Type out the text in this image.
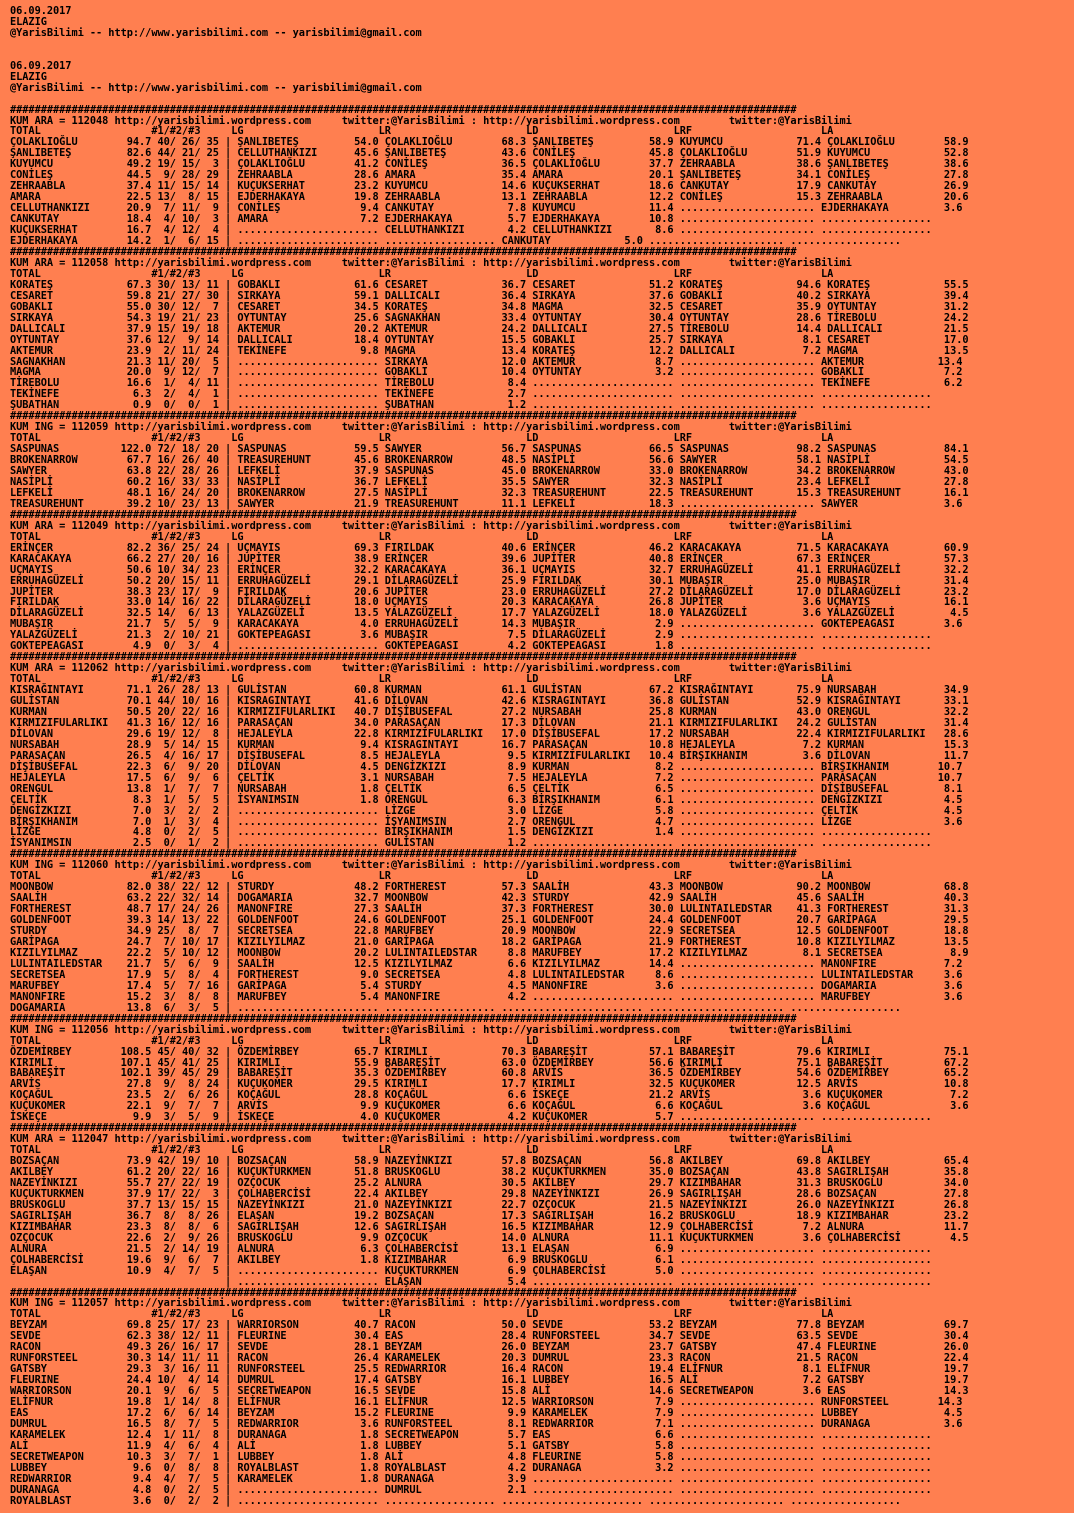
06.09.2017
ELAZIG
@YarisBilimi -- http://www.yarisbilimi.com -- yarisbilimi@gmail.com

06.09.2017
ELAZIG
@YarisBilimi -- http://www.yarisbilimi.com -- yarisbilimi@gmail.com

################################################################################################################################
KUM ARA = 112048 http://yarisbilimi.wordpress.com     twitter:@YarisBilimi : http://yarisbilimi.wordpress.com        twitter:@YarisBilimi
TOTAL                  #1/#2/#3     LG                      LR                      LD                      LRF                     LA
ÇOLAKLIOĞLU        94.7 40/ 26/ 35 | ŞANLIBETEŞ         54.0 ÇOLAKLIOĞLU        68.3 ŞANLIBETEŞ         58.9 KUYUMCU            71.4 ÇOLAKLIOĞLU        58.9
ŞANLIBETEŞ         82.6 44/ 21/ 25 | CELLUTHANKIZI      45.6 ŞANLIBETEŞ         43.6 CONİLEŞ            45.8 ÇOLAKLIOĞLU        51.9 KUYUMCU            52.8
KUYUMCU            49.2 19/ 15/  3 | ÇOLAKLIOĞLU        41.2 CONİLEŞ            36.5 ÇOLAKLIOĞLU        37.7 ZEHRAABLA          38.6 ŞANLIBETEŞ         38.6
CONİLEŞ            44.5  9/ 28/ 29 | ZEHRAABLA          28.6 AMARA              35.4 AMARA              20.1 ŞANLIBETEŞ         34.1 CONİLEŞ            27.8
ZEHRAABLA          37.4 11/ 15/ 14 | KUÇUKSERHAT        23.2 KUYUMCU            14.6 KUÇUKSERHAT        18.6 CANKUTAY           17.9 CANKUTAY           26.9
AMARA              22.5 13/  8/ 15 | EJDERHAKAYA        19.8 ZEHRAABLA          13.1 ZEHRAABLA          12.2 CONİLEŞ            15.3 ZEHRAABLA          20.6
CELLUTHANKIZI      20.9  7/ 11/  9 | CONİLEŞ             9.4 CANKUTAY            7.8 KUYUMCU            11.4 ...................... EJDERHAKAYA         3.6
CANKUTAY           18.4  4/ 10/  3 | AMARA               7.2 EJDERHAKAYA         5.7 EJDERHAKAYA        10.8 ...................... ..................
KUÇUKSERHAT        16.7  4/ 12/  4 | ....................... CELLUTHANKIZI       4.2 CELLUTHANKIZI       8.6 ...................... ..................
EJDERHAKAYA        14.2  1/  6/ 15 | ....................... .................. CANKUTAY            5.0 ...................... ..................
################################################################################################################################
KUM ARA = 112058 http://yarisbilimi.wordpress.com     twitter:@YarisBilimi : http://yarisbilimi.wordpress.com        twitter:@YarisBilimi
TOTAL                  #1/#2/#3     LG                      LR                      LD                      LRF                     LA
KORATEŞ            67.3 30/ 13/ 11 | GOBAKLI            61.6 CESARET            36.7 CESARET            51.2 KORATEŞ            94.6 KORATEŞ            55.5
CESARET            59.8 21/ 27/ 30 | SIRKAYA            59.1 DALLICALI          36.4 SIRKAYA            37.6 GOBAKLI            40.2 SIRKAYA            39.4
GOBAKLI            55.0 30/ 12/  7 | CESARET            34.5 KORATEŞ            34.8 MAGMA              32.5 CESARET            35.9 OYTUNTAY           31.2
SIRKAYA            54.3 19/ 21/ 23 | OYTUNTAY           25.6 SAGNAKHAN          33.4 OYTUNTAY           30.4 OYTUNTAY           28.6 TİREBOLU           24.2
DALLICALI          37.9 15/ 19/ 18 | AKTEMUR            20.2 AKTEMUR            24.2 DALLICALI          27.5 TİREBOLU           14.4 DALLICALI          21.5
OYTUNTAY           37.6 12/  9/ 14 | DALLICALI          18.4 OYTUNTAY           15.5 GOBAKLI            25.7 SIRKAYA             8.1 CESARET            17.0
AKTEMUR            23.9  2/ 11/ 24 | TEKİNEFE            9.8 MAGMA              13.4 KORATEŞ            12.2 DALLICALI           7.2 MAGMA              13.5
SAGNAKHAN          21.3 11/ 20/  5 | ....................... SIRKAYA            12.0 AKTEMUR             8.7 ...................... AKTEMUR            13.4
MAGMA              20.0  9/ 12/  7 | ....................... GOBAKLI            10.4 OYTUNTAY            3.2 ...................... GOBAKLI             7.2
TİREBOLU           16.6  1/  4/ 11 | ....................... TİREBOLU            8.4 ....................... ...................... TEKİNEFE            6.2
TEKİNEFE            6.3  2/  4/  1 | ....................... TEKİNEFE            2.7 ....................... ...................... ..................
ŞUBATHAN            0.9  0/  0/  1 | ....................... ŞUBATHAN            1.2 ....................... ...................... ..................
################################################################################################################################
KUM ING = 112059 http://yarisbilimi.wordpress.com     twitter:@YarisBilimi : http://yarisbilimi.wordpress.com        twitter:@YarisBilimi
TOTAL                  #1/#2/#3     LG                      LR                      LD                      LRF                     LA
SASPUNAS          122.0 72/ 18/ 20 | SASPUNAS           59.5 SAWYER             56.7 SASPUNAS           66.5 SASPUNAS           98.2 SASPUNAS           84.1
BROKENARROW        67.7 16/ 26/ 40 | TREASUREHUNT       45.6 BROKENARROW        48.5 NASİPLİ            56.6 SAWYER             58.1 NASİPLİ            54.5
SAWYER             63.8 22/ 28/ 26 | LEFKELİ            37.9 SASPUNAS           45.0 BROKENARROW        33.0 BROKENARROW        34.2 BROKENARROW        43.0
NASİPLİ            60.2 16/ 33/ 33 | NASİPLİ            36.7 LEFKELİ            35.5 SAWYER             32.3 NASİPLİ            23.4 LEFKELİ            27.8
LEFKELİ            48.1 16/ 24/ 20 | BROKENARROW        27.5 NASİPLİ            32.3 TREASUREHUNT       22.5 TREASUREHUNT       15.3 TREASUREHUNT       16.1
TREASUREHUNT       39.2 10/ 23/ 13 | SAWYER             21.9 TREASUREHUNT       11.1 LEFKELİ            18.3 ...................... SAWYER              3.6
################################################################################################################################
KUM ARA = 112049 http://yarisbilimi.wordpress.com     twitter:@YarisBilimi : http://yarisbilimi.wordpress.com        twitter:@YarisBilimi
TOTAL                  #1/#2/#3     LG                      LR                      LD                      LRF                     LA
ERİNÇER            82.2 36/ 25/ 24 | UÇMAYIS            69.3 FIRILDAK           40.6 ERİNÇER            46.2 KARACAKAYA         71.5 KARACAKAYA         60.9
KARACAKAYA         66.2 27/ 20/ 16 | JUPİTER            38.9 ERİNÇER            39.6 JUPİTER            40.8 ERİNÇER            67.3 ERİNÇER            57.3
UÇMAYIS            50.6 10/ 34/ 23 | ERİNÇER            32.2 KARACAKAYA         36.1 UÇMAYIS            32.7 ERRUHAGÜZELİ       41.1 ERRUHAGÜZELİ       32.2
ERRUHAGÜZELİ       50.2 20/ 15/ 11 | ERRUHAGÜZELİ       29.1 DİLARAGÜZELİ       25.9 FIRILDAK           30.1 MUBAŞIR            25.0 MUBAŞIR            31.4
JUPİTER            38.3 23/ 17/  9 | FIRILDAK           20.6 JUPİTER            23.0 ERRUHAGÜZELİ       27.2 DİLARAGÜZELİ       17.0 DİLARAGÜZELİ       23.2
FIRILDAK           33.0 14/ 16/ 22 | DİLARAGÜZELİ       18.0 UÇMAYIS            20.3 KARACAKAYA         26.8 JUPİTER             3.6 UÇMAYIS            16.1
DİLARAGÜZELİ       32.5 14/  6/ 13 | YALAZGÜZELİ        13.5 YALAZGÜZELİ        17.7 YALAZGÜZELİ        18.0 YALAZGÜZELİ         3.6 YALAZGÜZELİ         4.5
MUBAŞIR            21.7  5/  5/  9 | KARACAKAYA          4.0 ERRUHAGÜZELİ       14.3 MUBAŞIR             2.9 ...................... GOKTEPEAGASI        3.6
YALAZGÜZELİ        21.3  2/ 10/ 21 | GOKTEPEAGASI        3.6 MUBAŞIR             7.5 DİLARAGÜZELİ        2.9 ...................... ..................
GOKTEPEAGASI        4.9  0/  3/  4 | ....................... GOKTEPEAGASI        4.2 GOKTEPEAGASI        1.8 ...................... ..................
################################################################################################################################
KUM ARA = 112062 http://yarisbilimi.wordpress.com     twitter:@YarisBilimi : http://yarisbilimi.wordpress.com        twitter:@YarisBilimi
TOTAL                  #1/#2/#3     LG                      LR                      LD                      LRF                     LA
KISRAĞINTAYI       71.1 26/ 28/ 13 | GULİSTAN           60.8 KURMAN             61.1 GULİSTAN           67.2 KISRAĞINTAYI       75.9 NURSABAH           34.9
GULİSTAN           70.1 44/ 10/ 16 | KISRAGINTAYI       41.6 DİLOVAN            42.6 KISRAGINTAYI       36.8 GULİSTAN           52.9 KISRAĞINTAYI       33.1
KURMAN             50.5 20/ 22/ 16 | KIRMIZIFULARLIKI   40.7 DİŞİBUSEFAL        27.2 NURSABAH           25.8 KURMAN             43.0 ORENGUL            32.2
KIRMIZIFULARLIKI   41.3 16/ 12/ 16 | PARASAÇAN          34.0 PARASAÇAN          17.3 DİLOVAN            21.1 KIRMIZIFULARLIKI   24.2 GULİSTAN           31.4
DİLOVAN            29.6 19/ 12/  8 | HEJALEYLA          22.8 KIRMIZIFULARLIKI   17.0 DİŞİBUSEFAL        17.2 NURSABAH           22.4 KIRMIZIFULARLIKI   28.6
NURSABAH           28.9  5/ 14/ 15 | KURMAN              9.4 KISRAGINTAYI       16.7 PARASAÇAN          10.8 HEJALEYLA           7.2 KURMAN             15.3
PARASAÇAN          26.5  4/ 16/ 17 | DİŞİBUSEFAL         8.5 HEJALEYLA           9.5 KIRMIZIFULARLIKI   10.4 BİRŞIKHANIM         3.6 DİLOVAN            11.7
DİŞİBUSEFAL        22.3  6/  9/ 20 | DİLOVAN             4.5 DENGİZKIZI          8.9 KURMAN              8.2 ...................... BİRŞIKHANIM        10.7
HEJALEYLA          17.5  6/  9/  6 | ÇELTİK              3.1 NURSABAH            7.5 HEJALEYLA           7.2 ...................... PARASAÇAN          10.7
ORENGUL            13.8  1/  7/  7 | NURSABAH            1.8 ÇELTİK              6.5 ÇELTİK              6.5 ...................... DİŞİBUSEFAL         8.1
ÇELTİK              8.3  1/  5/  5 | İSYANIMSIN          1.8 ORENGUL             6.3 BİRŞIKHANIM         6.1 ...................... DENGİZKIZI          4.5
DENGİZKIZI          7.0  3/  2/  2 | ....................... LİZGE               3.0 LİZGE               5.8 ...................... ÇELTİK              4.5
BİRŞIKHANIM         7.0  1/  3/  4 | ....................... İSYANIMSIN          2.7 ORENGUL             4.7 ...................... LİZGE               3.6
LİZGE               4.8  0/  2/  5 | ....................... BİRŞIKHANIM         1.5 DENGİZKIZI          1.4 ...................... ..................
İSYANIMSIN          2.5  0/  1/  2 | ....................... GULİSTAN            1.2 ....................... ...................... ..................
################################################################################################################################
KUM ING = 112060 http://yarisbilimi.wordpress.com     twitter:@YarisBilimi : http://yarisbilimi.wordpress.com        twitter:@YarisBilimi
TOTAL                  #1/#2/#3     LG                      LR                      LD                      LRF                     LA
MOONBOW            82.0 38/ 22/ 12 | STURDY             48.2 FORTHEREST         57.3 SAALİH             43.3 MOONBOW            90.2 MOONBOW            68.8
SAALİH             63.2 22/ 32/ 14 | DOGAMARIA          32.7 MOONBOW            42.3 STURDY             42.9 SAALİH             45.6 SAALİH             40.3
FORTHEREST         48.7 17/ 24/ 26 | MANONFIRE          27.3 SAALİH             37.3 FORTHEREST         30.0 LULINTAILEDSTAR    41.3 FORTHEREST         31.3
GOLDENFOOT         39.3 14/ 13/ 22 | GOLDENFOOT         24.6 GOLDENFOOT         25.1 GOLDENFOOT         24.4 GOLDENFOOT         20.7 GARİPAGA           29.5
STURDY             34.9 25/  8/  7 | SECRETSEA          22.8 MARUFBEY           20.9 MOONBOW            22.9 SECRETSEA          12.5 GOLDENFOOT         18.8
GARİPAGA           24.7  7/ 10/ 17 | KIZILYILMAZ        21.0 GARİPAGA           18.2 GARİPAGA           21.9 FORTHEREST         10.8 KIZILYILMAZ        13.5
KIZILYILMAZ        22.2  5/ 10/ 12 | MOONBOW            20.2 LULINTAILEDSTAR     8.8 MARUFBEY           17.2 KIZILYILMAZ         8.1 SECRETSEA           8.9
LULINTAILEDSTAR    21.7  5/  6/  9 | SAALİH             12.5 KIZILYILMAZ         6.6 KIZILYILMAZ        14.4 ...................... MANONFIRE           7.2
SECRETSEA          17.9  5/  8/  4 | FORTHEREST          9.0 SECRETSEA           4.8 LULINTAILEDSTAR     8.6 ...................... LULINTAILEDSTAR     3.6
MARUFBEY           17.4  5/  7/ 16 | GARİPAGA            5.4 STURDY              4.5 MANONFIRE           3.6 ...................... DOGAMARIA           3.6
MANONFIRE          15.2  3/  8/  8 | MARUFBEY            5.4 MANONFIRE           4.2 ....................... ...................... MARUFBEY            3.6
DOGAMARIA          13.8  6/  3/  5 | ....................... .................. ....................... ...................... ..................
################################################################################################################################
KUM ING = 112056 http://yarisbilimi.wordpress.com     twitter:@YarisBilimi : http://yarisbilimi.wordpress.com        twitter:@YarisBilimi
TOTAL                  #1/#2/#3     LG                      LR                      LD                      LRF                     LA
ÖZDEMİRBEY        108.5 45/ 40/ 32 | ÖZDEMİRBEY         65.7 KIRIMLI            70.3 BABAREŞİT          57.1 BABAREŞİT          79.6 KIRIMLI            75.1
KIRIMLI           107.1 45/ 41/ 25 | KIRIMLI            55.9 BABAREŞİT          63.0 ÖZDEMİRBEY         56.6 KIRIMLI            75.1 BABAREŞİT          67.2
BABAREŞİT         102.1 39/ 45/ 29 | BABAREŞİT          35.3 ÖZDEMİRBEY         60.8 ARVİS              36.5 ÖZDEMİRBEY         54.6 ÖZDEMİRBEY         65.2
ARVİS              27.8  9/  8/ 24 | KUÇUKOMER          29.5 KIRIMLI            17.7 KIRIMLI            32.5 KUÇUKOMER          12.5 ARVİS              10.8
KOÇAĞUL            23.5  2/  6/ 26 | KOÇAĞUL            28.8 KOÇAĞUL             6.6 İSKEÇE             21.2 ARVİS               3.6 KUÇUKOMER           7.2
KUÇUKOMER          22.1  9/  7/  7 | ARVİS               9.9 KUÇUKOMER           6.6 KOÇAĞUL             6.6 KOÇAĞUL             3.6 KOÇAĞUL             3.6
İSKEÇE              9.9  3/  5/  9 | İSKEÇE              4.0 KUÇUKOMER           4.2 KUÇUKOMER           5.7 ...................... ..................
################################################################################################################################
KUM ARA = 112047 http://yarisbilimi.wordpress.com     twitter:@YarisBilimi : http://yarisbilimi.wordpress.com        twitter:@YarisBilimi
TOTAL                  #1/#2/#3     LG                      LR                      LD                      LRF                     LA
BOZSAÇAN           73.9 42/ 19/ 10 | BOZSAÇAN           58.9 NAZEYİNKIZI        57.8 BOZSAÇAN           56.8 AKILBEY            69.8 AKILBEY            65.4
AKILBEY            61.2 20/ 22/ 16 | KUÇUKTURKMEN       51.8 BRUSKOGLU          38.2 KUÇUKTURKMEN       35.0 BOZSAÇAN           43.8 SAGIRLIŞAH         35.8
NAZEYİNKIZI        55.7 27/ 22/ 19 | OZÇOCUK            25.2 ALNURA             30.5 AKILBEY            29.7 KIZIMBAHAR         31.3 BRUSKOGLU          34.0
KUÇUKTURKMEN       37.9 17/ 22/  3 | ÇOLHABERCİSİ       22.4 AKILBEY            29.8 NAZEYİNKIZI        26.9 SAGIRLIŞAH         28.6 BOZSAÇAN           27.8
BRUSKOGLU          37.7 13/ 15/ 15 | NAZEYİNKIZI        21.0 NAZEYİNKIZI        22.7 OZÇOCUK            21.5 NAZEYİNKIZI        26.0 NAZEYİNKIZI        26.8
SAGIRLIŞAH         36.7  8/  8/ 26 | ELAŞAN             19.2 BOZSAÇAN           17.3 SAGIRLIŞAH         16.2 BRUSKOGLU          18.9 KIZIMBAHAR         23.2
KIZIMBAHAR         23.3  8/  8/  6 | SAGIRLIŞAH         12.6 SAGIRLIŞAH         16.5 KIZIMBAHAR         12.9 ÇOLHABERCİSİ        7.2 ALNURA             11.7
OZÇOCUK            22.6  2/  9/ 26 | BRUSKOGLU           9.9 OZÇOCUK            14.0 ALNURA             11.1 KUÇUKTURKMEN        3.6 ÇOLHABERCİSİ        4.5
ALNURA             21.5  2/ 14/ 19 | ALNURA              6.3 ÇOLHABERCİSİ       13.1 ELAŞAN              6.9 ...................... ..................
ÇOLHABERCİSİ       19.6  9/  6/  7 | AKILBEY             1.8 KIZIMBAHAR          6.9 BRUSKOGLU           6.1 ...................... ..................
ELAŞAN             10.9  4/  7/  5 | ....................... KUÇUKTURKMEN        6.9 ÇOLHABERCİSİ        5.0 ...................... ..................
| ....................... ELAŞAN              5.4 ....................... ...................... ..................
################################################################################################################################
KUM ING = 112057 http://yarisbilimi.wordpress.com     twitter:@YarisBilimi : http://yarisbilimi.wordpress.com        twitter:@YarisBilimi
TOTAL                  #1/#2/#3     LG                      LR                      LD                      LRF                     LA
BEYZAM             69.8 25/ 17/ 23 | WARRIORSON         40.7 RACON              50.0 SEVDE              53.2 BEYZAM             77.8 BEYZAM             69.7
SEVDE              62.3 38/ 12/ 11 | FLEURINE           30.4 EAS                28.4 RUNFORSTEEL        34.7 SEVDE              63.5 SEVDE              30.4
RACON              49.3 26/ 16/ 17 | SEVDE              28.1 BEYZAM             26.0 BEYZAM             23.7 GATSBY             47.4 FLEURINE           26.0
RUNFORSTEEL        30.3 14/ 11/ 11 | RACON              26.4 KARAMELEK          20.3 DUMRUL             23.3 RACON              21.5 RACON              22.4
GATSBY             29.3  3/ 16/ 11 | RUNFORSTEEL        25.5 REDWARRIOR         16.4 RACON              19.4 ELİFNUR             8.1 ELİFNUR            19.7
FLEURINE           24.4 10/  4/ 14 | DUMRUL             17.4 GATSBY             16.1 LUBBEY             16.5 ALİ                 7.2 GATSBY             19.7
WARRIORSON         20.1  9/  6/  5 | SECRETWEAPON       16.5 SEVDE              15.8 ALİ                14.6 SECRETWEAPON        3.6 EAS                14.3
ELİFNUR            19.8  1/ 14/  8 | ELİFNUR            16.1 ELİFNUR            12.5 WARRIORSON          7.9 ...................... RUNFORSTEEL        14.3
EAS                17.2  6/  6/ 14 | BEYZAM             15.2 FLEURINE            9.9 KARAMELEK           7.9 ...................... LUBBEY              4.5
DUMRUL             16.5  8/  7/  5 | REDWARRIOR          3.6 RUNFORSTEEL         8.1 REDWARRIOR          7.1 ...................... DURANAGA            3.6
KARAMELEK          12.4  1/ 11/  8 | DURANAGA            1.8 SECRETWEAPON        5.7 EAS                 6.6 ...................... ..................
ALİ                11.9  4/  6/  4 | ALİ                 1.8 LUBBEY              5.1 GATSBY              5.8 ...................... ..................
SECRETWEAPON       10.3  3/  7/  1 | LUBBEY              1.8 ALİ                 4.8 FLEURINE            5.8 ...................... ..................
LUBBEY              9.6  0/  8/  8 | ROYALBLAST          1.8 ROYALBLAST          4.2 DURANAGA            3.2 ...................... ..................
REDWARRIOR          9.4  4/  7/  5 | KARAMELEK           1.8 DURANAGA            3.9 ....................... ...................... ..................
DURANAGA            4.8  0/  2/  5 | ....................... DUMRUL              2.1 ....................... ...................... ..................
ROYALBLAST          3.6  0/  2/  2 | ....................... .................. ....................... ...................... ..................
